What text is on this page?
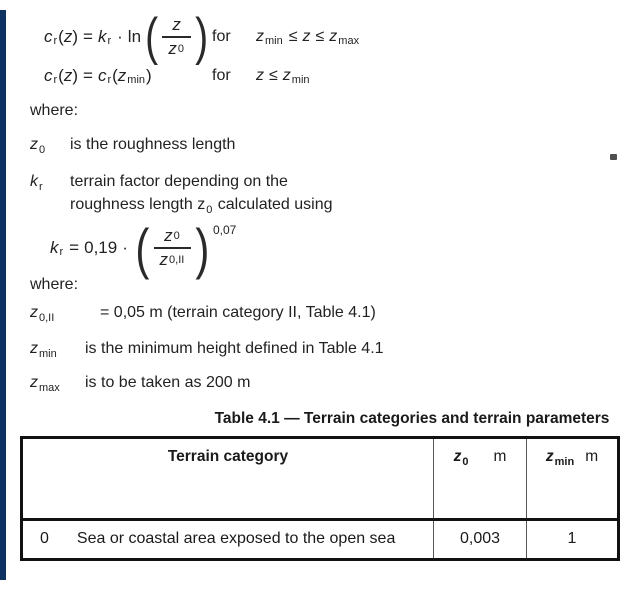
c r ( z ) = k r · ln ( $\frac{z}{z 0}$ ) for	z min ≤ z ≤ z max
c r ( z ) = c r ( z min )	for	z ≤ z min
where:
$z_0$	is the roughness length
$k_r$	terrain factor depending on the
roughness length $z_0$ calculated using
k r = 0,19 · ( $\frac{z 0}{z 0,II}$ ) 0,07
where:
$z_{0,II}$	= 0,05 m (terrain category II, Table 4.1)
$z_{min}$	is the minimum height defined in Table 4.1
$z_{max}$	is to be taken as 200 m
Table 4.1 — Terrain categories and terrain parameters
Terrain category	$z_0$ m	$z_{min}$ m

0 Sea or coastal area exposed to the open sea	0,003	1
